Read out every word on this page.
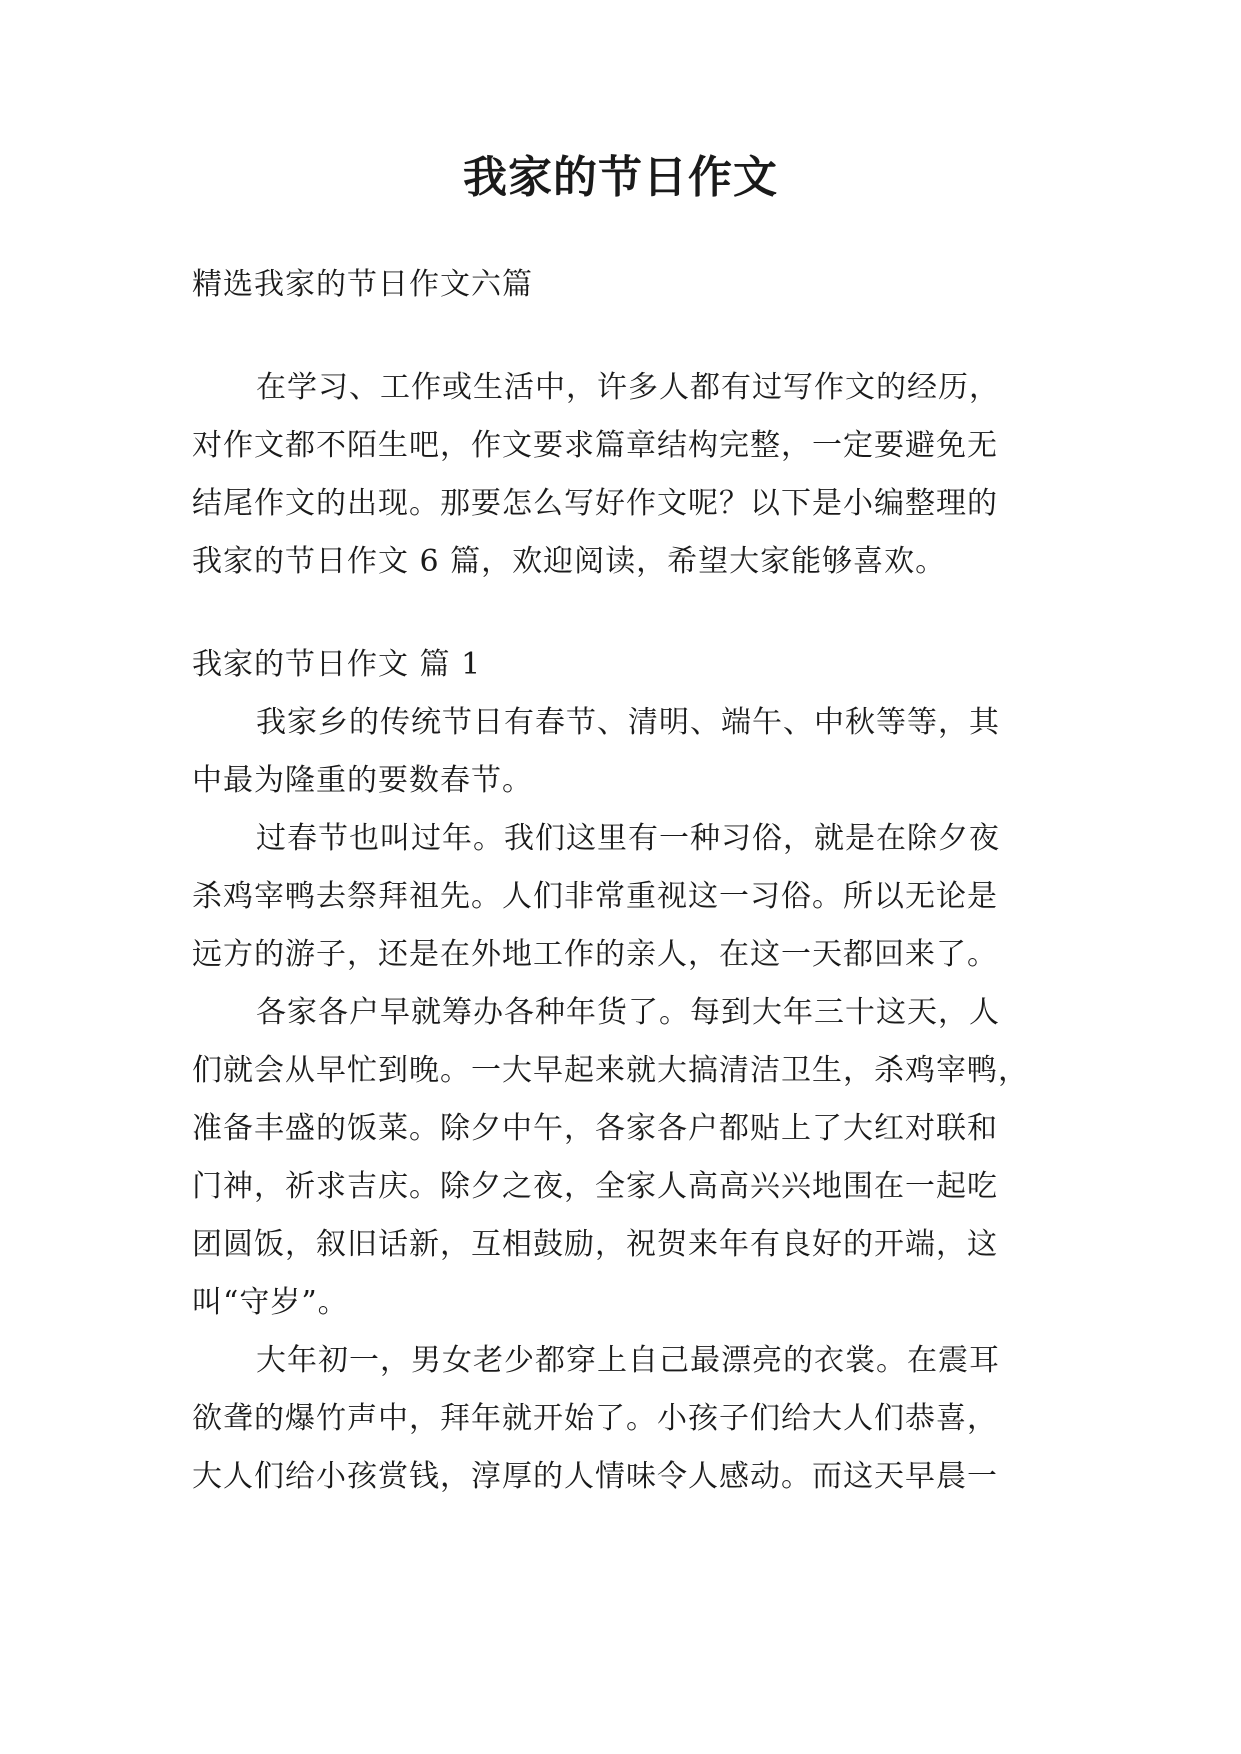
我家的节日作文
精选我家的节日作文六篇
在学习、工作或生活中，许多人都有过写作文的经历，
对作文都不陌生吧，作文要求篇章结构完整，一定要避免无
结尾作文的出现。那要怎么写好作文呢？以下是小编整理的
我家的节日作文 6 篇，欢迎阅读，希望大家能够喜欢。
我家的节日作文 篇 1
我家乡的传统节日有春节、清明、端午、中秋等等，其
中最为隆重的要数春节。
过春节也叫过年。我们这里有一种习俗，就是在除夕夜
杀鸡宰鸭去祭拜祖先。人们非常重视这一习俗。所以无论是
远方的游子，还是在外地工作的亲人，在这一天都回来了。
各家各户早就筹办各种年货了。每到大年三十这天，人
们就会从早忙到晚。一大早起来就大搞清洁卫生，杀鸡宰鸭，
准备丰盛的饭菜。除夕中午，各家各户都贴上了大红对联和
门神，祈求吉庆。除夕之夜，全家人高高兴兴地围在一起吃
团圆饭，叙旧话新，互相鼓励，祝贺来年有良好的开端，这
叫“守岁”。
大年初一，男女老少都穿上自己最漂亮的衣裳。在震耳
欲聋的爆竹声中，拜年就开始了。小孩子们给大人们恭喜，
大人们给小孩赏钱，淳厚的人情味令人感动。而这天早晨一
